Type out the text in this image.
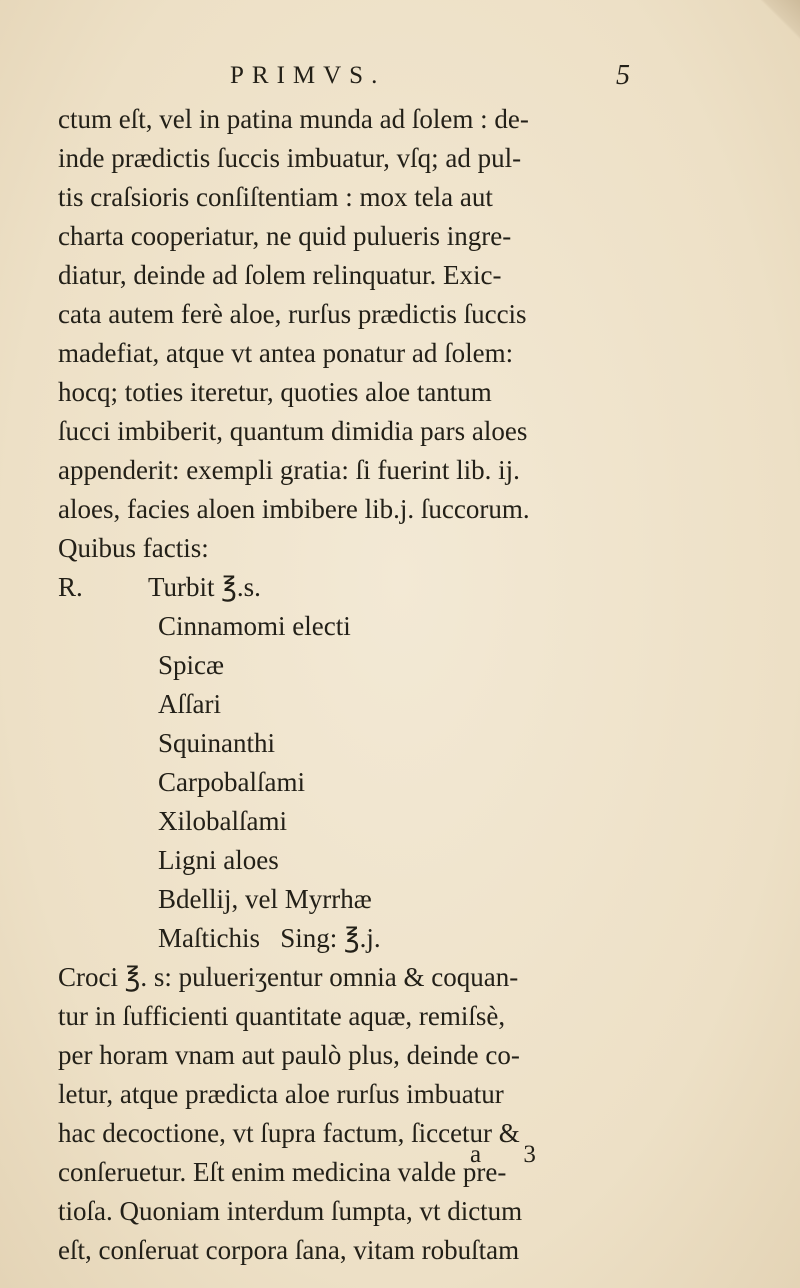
PRIMVS.	5
ctum eſt, vel in patina munda ad ſolem : de-
inde prædictis ſuccis imbuatur, vſq; ad pul-
tis craſsioris conſiſtentiam : mox tela aut
charta cooperiatur, ne quid pulueris ingre-
diatur, deinde ad ſolem relinquatur. Exic-
cata autem ferè aloe, rurſus prædictis ſuccis
madefiat, atque vt antea ponatur ad ſolem:
hocq; toties iteretur, quoties aloe tantum
ſucci imbiberit, quantum dimidia pars aloes
appenderit: exempli gratia: ſi fuerint lib. ij.
aloes, facies aloen imbibere lib.j. ſuccorum.
Quibus factis:
R.	Turbit ℥.s.
Cinnamomi electi
Spicæ
Aſſari
Squinanthi
Carpobalſami
Xilobalſami
Ligni aloes
Bdellij, vel Myrrhæ
Maſtichis   Sing: ℥.j.
Croci ℥. s: pulueriʒentur omnia & coquan-
tur in ſufficienti quantitate aquæ, remiſsè,
per horam vnam aut paulò plus, deinde co-
letur, atque prædicta aloe rurſus imbuatur
hac decoctione, vt ſupra factum, ſiccetur &
conſeruetur. Eſt enim medicina valde pre-
tioſa. Quoniam interdum ſumpta, vt dictum
eſt, conſeruat corpora ſana, vitam robuſtam
a 3
